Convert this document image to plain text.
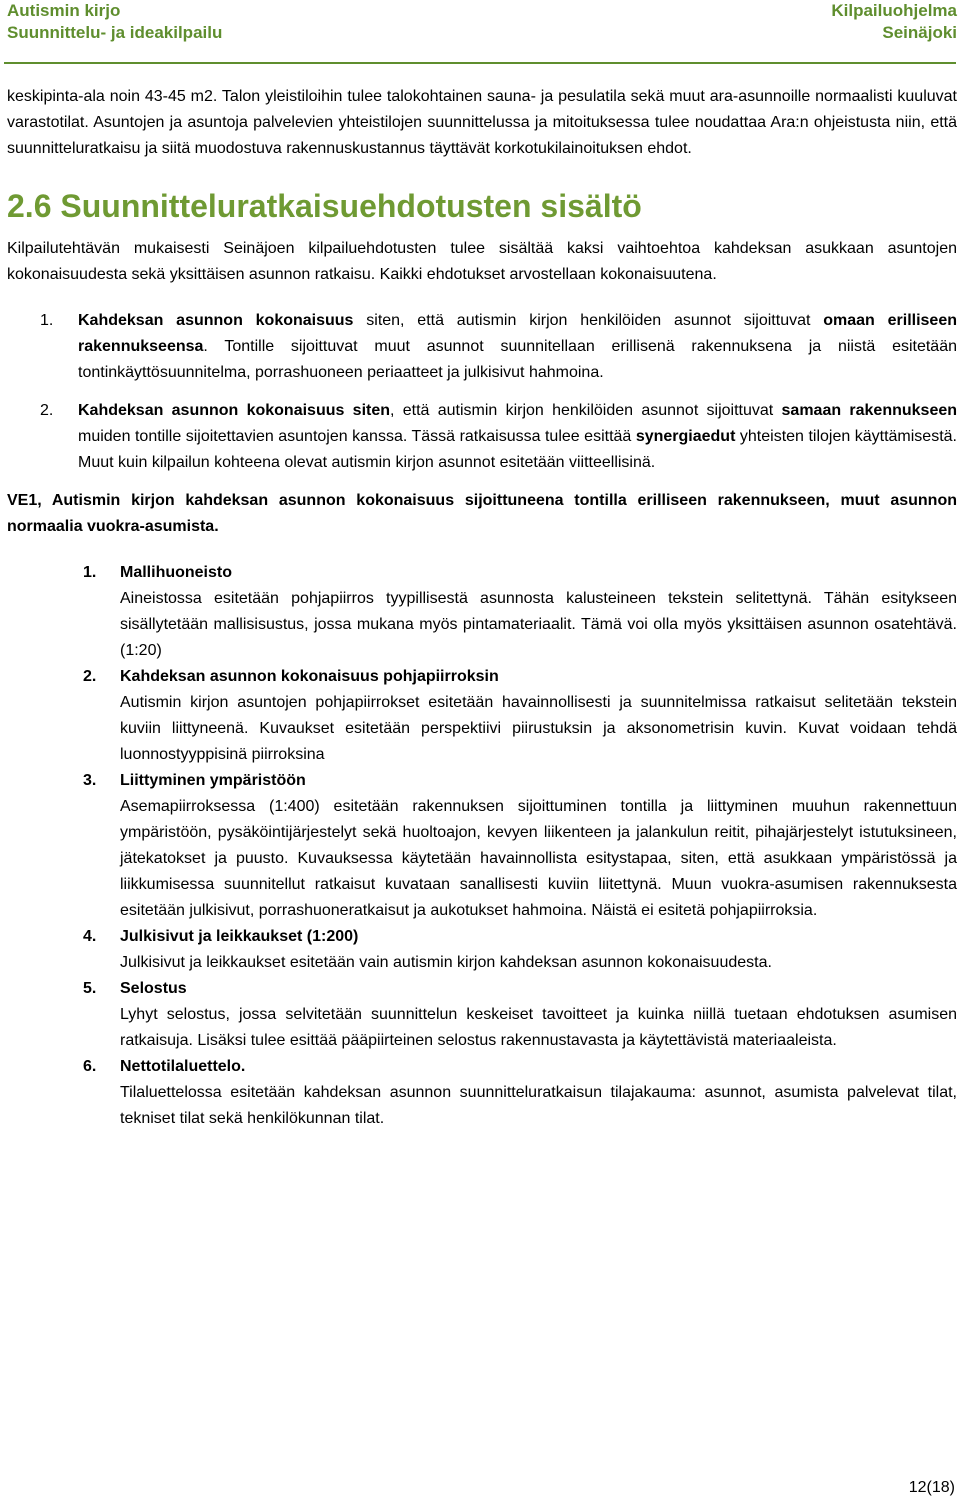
Autismin kirjo
Suunnittelu- ja ideakilpailu
Kilpailuohjelma
Seinäjoki

keskipinta-ala noin 43-45 m2. Talon yleistiloihin tulee talokohtainen sauna- ja pesulatila sekä muut ara-asunnoille normaalisti kuuluvat varastotilat. Asuntojen ja asuntoja palvelevien yhteistilojen suunnittelussa ja mitoituksessa tulee noudattaa Ara:n ohjeistusta niin, että suunnitteluratkaisu ja siitä muodostuva rakennuskustannus täyttävät korkotukilainoituksen ehdot.

2.6 Suunnitteluratkaisuehdotusten sisältö

Kilpailutehtävän mukaisesti Seinäjoen kilpailuehdotusten tulee sisältää kaksi vaihtoehtoa kahdeksan asukkaan asuntojen kokonaisuudesta sekä yksittäisen asunnon ratkaisu. Kaikki ehdotukset arvostellaan kokonaisuutena.

1. Kahdeksan asunnon kokonaisuus siten, että autismin kirjon henkilöiden asunnot sijoittuvat omaan erilliseen rakennukseensa. Tontille sijoittuvat muut asunnot suunnitellaan erillisenä rakennuksena ja niistä esitetään tontinkäyttösuunnitelma, porrashuoneen periaatteet ja julkisivut hahmoina.

2. Kahdeksan asunnon kokonaisuus siten, että autismin kirjon henkilöiden asunnot sijoittuvat samaan rakennukseen muiden tontille sijoitettavien asuntojen kanssa. Tässä ratkaisussa tulee esittää synergiaedut yhteisten tilojen käyttämisestä. Muut kuin kilpailun kohteena olevat autismin kirjon asunnot esitetään viitteellisinä.

VE1, Autismin kirjon kahdeksan asunnon kokonaisuus sijoittuneena tontilla erilliseen rakennukseen, muut asunnon normaalia vuokra-asumista.

1. Mallihuoneisto

Aineistossa esitetään pohjapiirros tyypillisestä asunnosta kalusteineen tekstein selitettynä. Tähän esitykseen sisällytetään mallisisustus, jossa mukana myös pintamateriaalit. Tämä voi olla myös yksittäisen asunnon osatehtävä. (1:20)

2. Kahdeksan asunnon kokonaisuus pohjapiirroksin

Autismin kirjon asuntojen pohjapiirrokset esitetään havainnollisesti ja suunnitelmissa ratkaisut selitetään tekstein kuviin liittyneenä. Kuvaukset esitetään perspektiivi piirustuksin ja aksonometrisin kuvin. Kuvat voidaan tehdä luonnostyyppisinä piirroksina

3. Liittyminen ympäristöön

Asemapiirroksessa (1:400) esitetään rakennuksen sijoittuminen tontilla ja liittyminen muuhun rakennettuun ympäristöön, pysäköintijärjestelyt sekä huoltoajon, kevyen liikenteen ja jalankulun reitit, pihajärjestelyt istutuksineen, jätekatokset ja puusto. Kuvauksessa käytetään havainnollista esitystapaa, siten, että asukkaan ympäristössä ja liikkumisessa suunnitellut ratkaisut kuvataan sanallisesti kuviin liitettynä. Muun vuokra-asumisen rakennuksesta esitetään julkisivut, porrashuoneratkaisut ja aukotukset hahmoina. Näistä ei esitetä pohjapiirroksia.

4. Julkisivut ja leikkaukset (1:200)

Julkisivut ja leikkaukset esitetään vain autismin kirjon kahdeksan asunnon kokonaisuudesta.

5. Selostus

Lyhyt selostus, jossa selvitetään suunnittelun keskeiset tavoitteet ja kuinka niillä tuetaan ehdotuksen asumisen ratkaisuja. Lisäksi tulee esittää pääpiirteinen selostus rakennustavasta ja käytettävistä materiaaleista.

6. Nettotilaluettelo.

Tilaluettelossa esitetään kahdeksan asunnon suunnitteluratkaisun tilajakauma: asunnot, asumista palvelevat tilat, tekniset tilat sekä henkilökunnan tilat.

12(18)
